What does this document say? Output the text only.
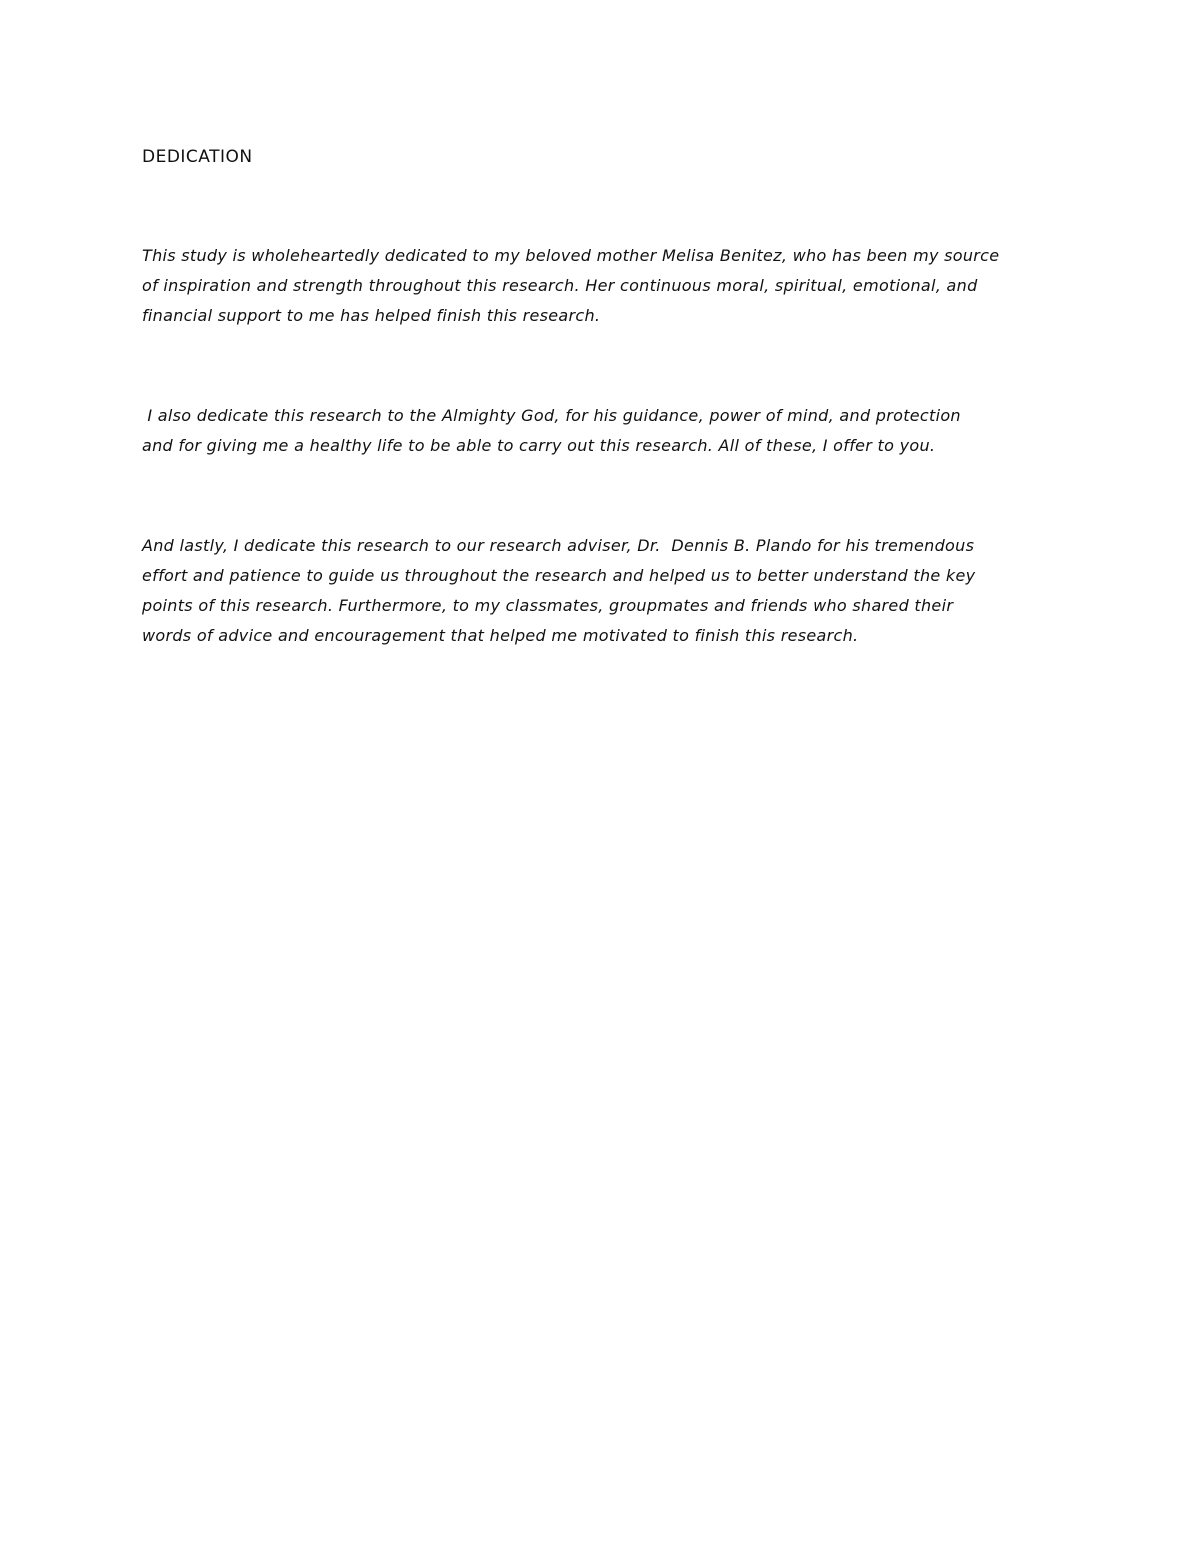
DEDICATION

This study is wholeheartedly dedicated to my beloved mother Melisa Benitez, who has been my source
of inspiration and strength throughout this research. Her continuous moral, spiritual, emotional, and
financial support to me has helped finish this research.

I also dedicate this research to the Almighty God, for his guidance, power of mind, and protection
and for giving me a healthy life to be able to carry out this research. All of these, I offer to you.

And lastly, I dedicate this research to our research adviser, Dr.  Dennis B. Plando for his tremendous
effort and patience to guide us throughout the research and helped us to better understand the key
points of this research. Furthermore, to my classmates, groupmates and friends who shared their
words of advice and encouragement that helped me motivated to finish this research.
